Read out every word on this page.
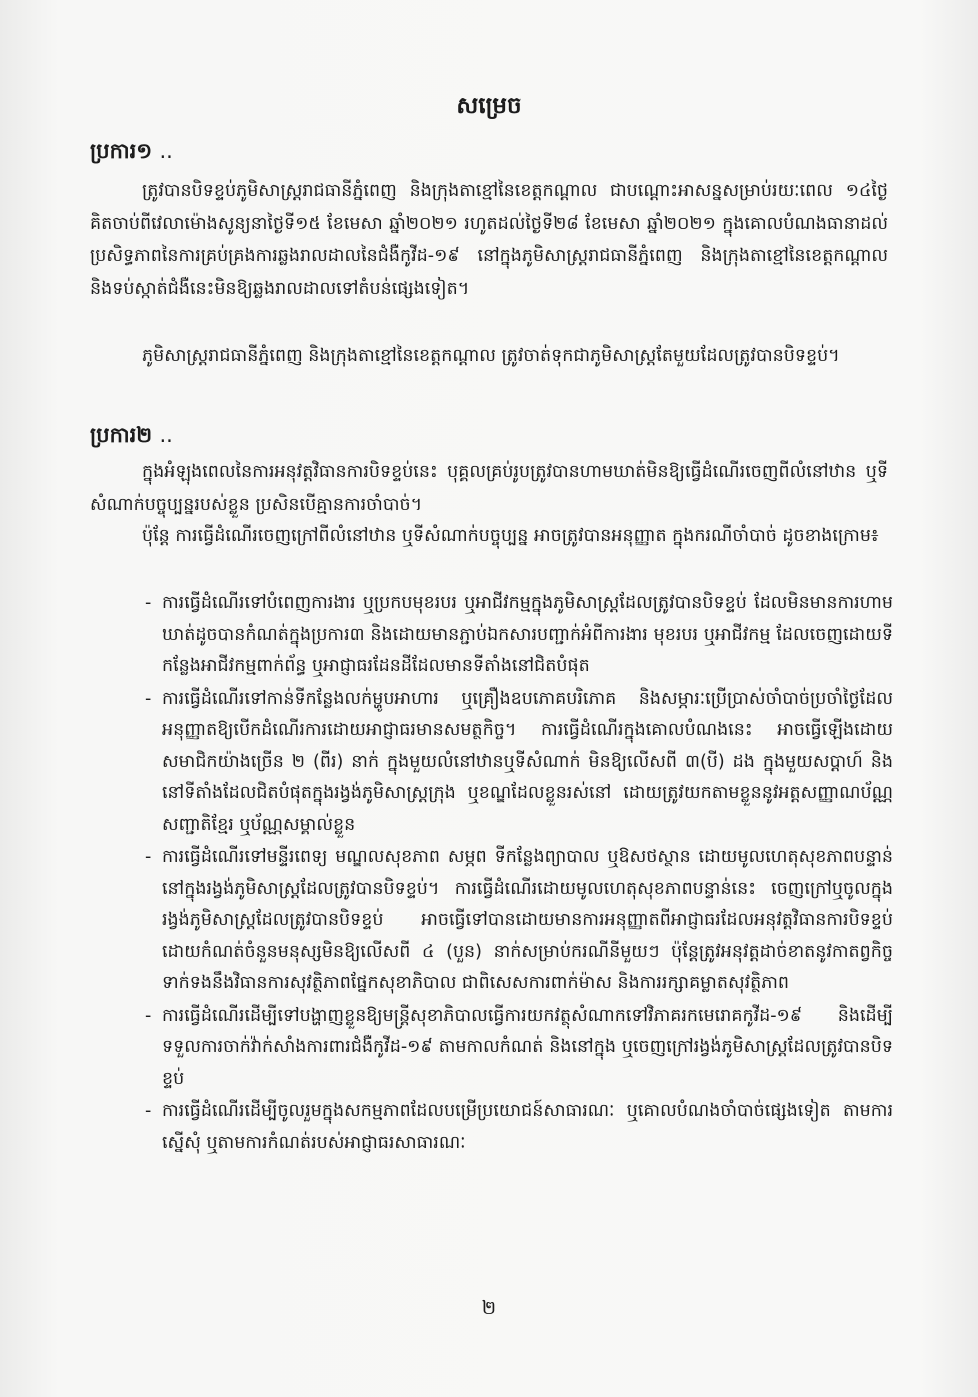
សម្រេច
ប្រការ១ ..
ត្រូវបានបិទខ្ទប់ភូមិសាស្ត្ររាជធានីភ្នំពេញ និងក្រុងតាខ្មៅនៃខេត្តកណ្តាល ជាបណ្តោះអាសន្នសម្រាប់រយៈពេល ១៤ថ្ងៃ គិតចាប់ពីវេលាម៉ោងសូន្យនាថ្ងៃទី១៥ ខែមេសា ឆ្នាំ២០២១ រហូតដល់ថ្ងៃទី២៨ ខែមេសា ឆ្នាំ២០២១ ក្នុងគោលបំណងធានាដល់ប្រសិទ្ធភាពនៃការគ្រប់គ្រងការឆ្លងរាលដាលនៃជំងឺកូវីដ-១៩ នៅក្នុងភូមិសាស្ត្ររាជធានីភ្នំពេញ និងក្រុងតាខ្មៅនៃខេត្តកណ្តាល និងទប់ស្កាត់ជំងឺនេះមិនឱ្យឆ្លងរាលដាលទៅតំបន់ផ្សេងទៀត។
ភូមិសាស្ត្ររាជធានីភ្នំពេញ និងក្រុងតាខ្មៅនៃខេត្តកណ្តាល ត្រូវចាត់ទុកជាភូមិសាស្ត្រតែមួយដែលត្រូវបានបិទខ្ទប់។
ប្រការ២ ..
ក្នុងអំឡុងពេលនៃការអនុវត្តវិធានការបិទខ្ទប់នេះ បុគ្គលគ្រប់រូបត្រូវបានហាមឃាត់មិនឱ្យធ្វើដំណើរចេញពីលំនៅឋាន ឬទីសំណាក់បច្ចុប្បន្នរបស់ខ្លួន ប្រសិនបើគ្មានការចាំបាច់។
ប៉ុន្តែ ការធ្វើដំណើរចេញក្រៅពីលំនៅឋាន ឬទីសំណាក់បច្ចុប្បន្ន អាចត្រូវបានអនុញ្ញាត ក្នុងករណីចាំបាច់ ដូចខាងក្រោម៖
- ការធ្វើដំណើរទៅបំពេញការងារ ឬប្រកបមុខរបរ ឬអាជីវកម្មក្នុងភូមិសាស្ត្រដែលត្រូវបានបិទខ្ទប់ ដែលមិនមានការហាមឃាត់ដូចបានកំណត់ក្នុងប្រការ៣ និងដោយមានភ្ជាប់ឯកសារបញ្ជាក់អំពីការងារ មុខរបរ ឬអាជីវកម្ម ដែលចេញដោយទីកន្លែងអាជីវកម្មពាក់ព័ន្ធ ឬអាជ្ញាធរដែនដីដែលមានទីតាំងនៅជិតបំផុត
- ការធ្វើដំណើរទៅកាន់ទីកន្លែងលក់ម្ហូបអាហារ ឬគ្រឿងឧបភោគបរិភោគ និងសម្ភារៈប្រើប្រាស់ចាំបាច់ប្រចាំថ្ងៃដែលអនុញ្ញាតឱ្យបើកដំណើរការដោយអាជ្ញាធរមានសមត្ថកិច្ច។ ការធ្វើដំណើរក្នុងគោលបំណងនេះ អាចធ្វើឡើងដោយសមាជិកយ៉ាងច្រើន ២ (ពីរ) នាក់ ក្នុងមួយលំនៅឋានឬទីសំណាក់ មិនឱ្យលើសពី ៣(បី) ដង ក្នុងមួយសប្តាហ៍ និងនៅទីតាំងដែលជិតបំផុតក្នុងរង្វង់ភូមិសាស្ត្រក្រុង ឬខណ្ឌដែលខ្លួនរស់នៅ ដោយត្រូវយកតាមខ្លួននូវអត្តសញ្ញាណប័ណ្ណសញ្ជាតិខ្មែរ ឬប័ណ្ណសម្គាល់ខ្លួន
- ការធ្វើដំណើរទៅមន្ទីរពេទ្យ មណ្ឌលសុខភាព សម្ភព ទីកន្លែងព្យាបាល ឬឱសថស្ថាន ដោយមូលហេតុសុខភាពបន្ទាន់ នៅក្នុងរង្វង់ភូមិសាស្ត្រដែលត្រូវបានបិទខ្ទប់។ ការធ្វើដំណើរដោយមូលហេតុសុខភាពបន្ទាន់នេះ ចេញក្រៅឬចូលក្នុងរង្វង់ភូមិសាស្ត្រដែលត្រូវបានបិទខ្ទប់ អាចធ្វើទៅបានដោយមានការអនុញ្ញាតពីអាជ្ញាធរដែលអនុវត្តវិធានការបិទខ្ទប់ ដោយកំណត់ចំនួនមនុស្សមិនឱ្យលើសពី ៤ (បួន) នាក់សម្រាប់ករណីនីមួយៗ ប៉ុន្តែត្រូវអនុវត្តដាច់ខាតនូវកាតព្វកិច្ចទាក់ទងនឹងវិធានការសុវត្ថិភាពផ្នែកសុខាភិបាល ជាពិសេសការពាក់ម៉ាស និងការរក្សាគម្លាតសុវត្ថិភាព
- ការធ្វើដំណើរដើម្បីទៅបង្ហាញខ្លួនឱ្យមន្ត្រីសុខាភិបាលធ្វើការយកវត្ថុសំណាកទៅវិភាគរកមេរោគកូវីដ-១៩ និងដើម្បីទទួលការចាក់វ៉ាក់សាំងការពារជំងឺកូវីដ-១៩ តាមកាលកំណត់ និងនៅក្នុង ឬចេញក្រៅរង្វង់ភូមិសាស្ត្រដែលត្រូវបានបិទខ្ទប់
- ការធ្វើដំណើរដើម្បីចូលរួមក្នុងសកម្មភាពដែលបម្រើប្រយោជន៍សាធារណៈ ឬគោលបំណងចាំបាច់ផ្សេងទៀត តាមការស្នើសុំ ឬតាមការកំណត់របស់អាជ្ញាធរសាធារណៈ
២
